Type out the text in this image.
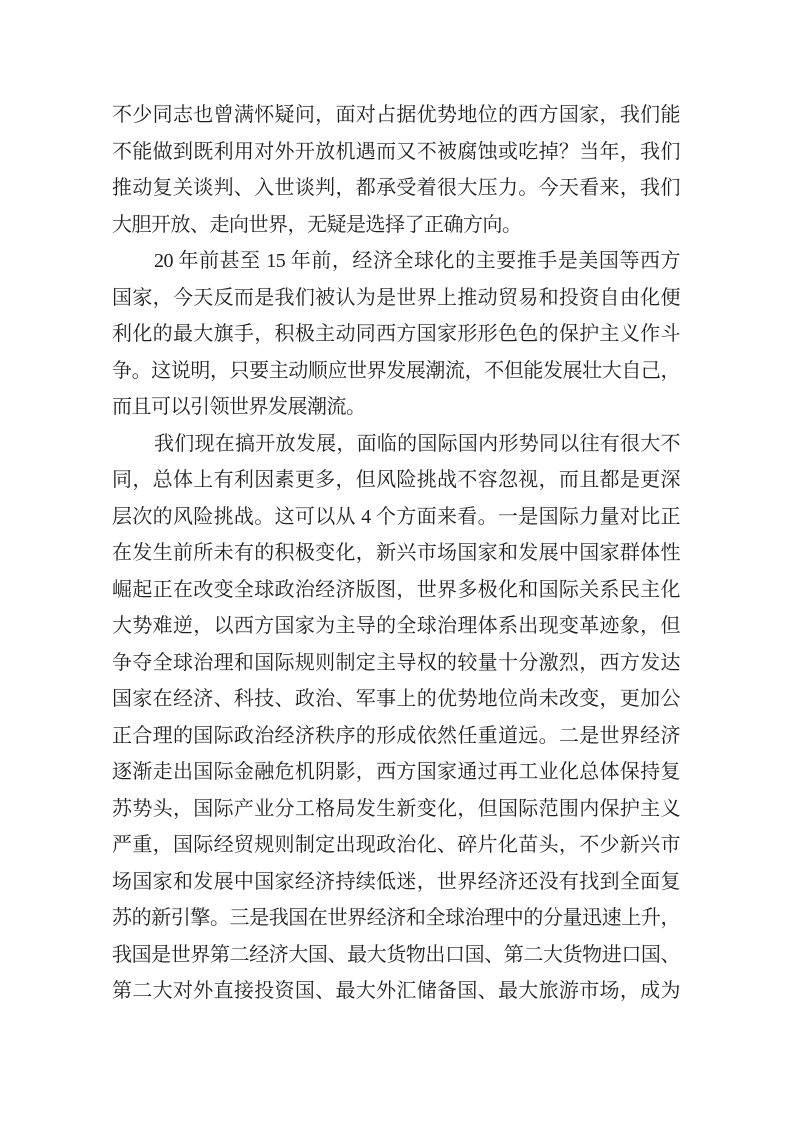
不少同志也曾满怀疑问，面对占据优势地位的西方国家，我们能
不能做到既利用对外开放机遇而又不被腐蚀或吃掉？当年，我们
推动复关谈判、入世谈判，都承受着很大压力。今天看来，我们
大胆开放、走向世界，无疑是选择了正确方向。
20 年前甚至 15 年前，经济全球化的主要推手是美国等西方
国家，今天反而是我们被认为是世界上推动贸易和投资自由化便
利化的最大旗手，积极主动同西方国家形形色色的保护主义作斗
争。这说明，只要主动顺应世界发展潮流，不但能发展壮大自己，
而且可以引领世界发展潮流。
我们现在搞开放发展，面临的国际国内形势同以往有很大不
同，总体上有利因素更多，但风险挑战不容忽视，而且都是更深
层次的风险挑战。这可以从 4 个方面来看。一是国际力量对比正
在发生前所未有的积极变化，新兴市场国家和发展中国家群体性
崛起正在改变全球政治经济版图，世界多极化和国际关系民主化
大势难逆，以西方国家为主导的全球治理体系出现变革迹象，但
争夺全球治理和国际规则制定主导权的较量十分激烈，西方发达
国家在经济、科技、政治、军事上的优势地位尚未改变，更加公
正合理的国际政治经济秩序的形成依然任重道远。二是世界经济
逐渐走出国际金融危机阴影，西方国家通过再工业化总体保持复
苏势头，国际产业分工格局发生新变化，但国际范围内保护主义
严重，国际经贸规则制定出现政治化、碎片化苗头，不少新兴市
场国家和发展中国家经济持续低迷，世界经济还没有找到全面复
苏的新引擎。三是我国在世界经济和全球治理中的分量迅速上升，
我国是世界第二经济大国、最大货物出口国、第二大货物进口国、
第二大对外直接投资国、最大外汇储备国、最大旅游市场，成为
